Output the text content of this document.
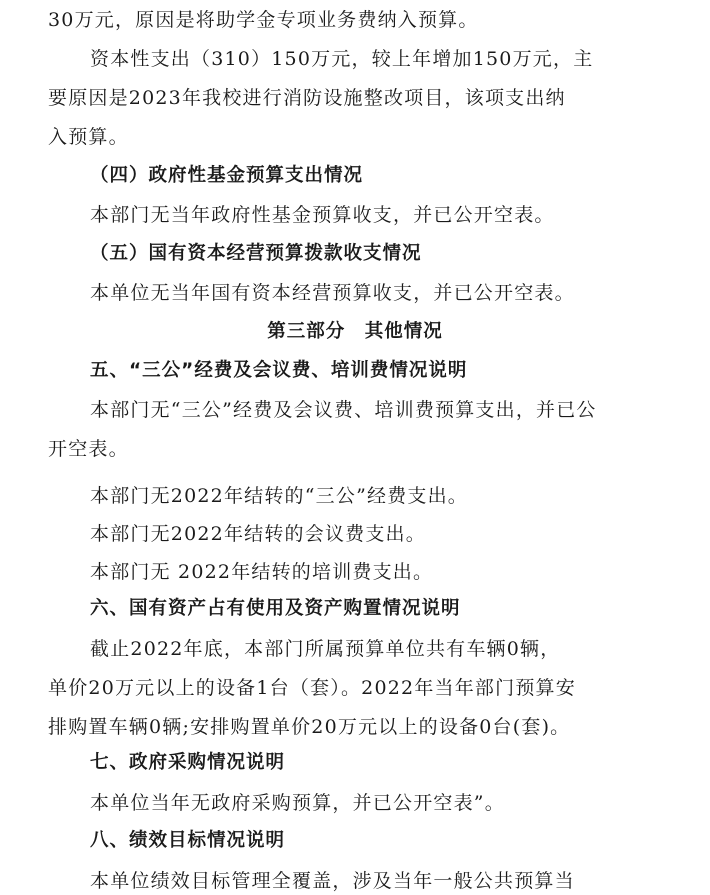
30万元，原因是将助学金专项业务费纳入预算。
资本性支出（310）150万元，较上年增加150万元，主
要原因是2023年我校进行消防设施整改项目，该项支出纳
入预算。
（四）政府性基金预算支出情况
本部门无当年政府性基金预算收支，并已公开空表。
（五）国有资本经营预算拨款收支情况
本单位无当年国有资本经营预算收支，并已公开空表。
第三部分　其他情况
五、“三公”经费及会议费、培训费情况说明
本部门无“三公”经费及会议费、培训费预算支出，并已公
开空表。
本部门无2022年结转的“三公”经费支出。
本部门无2022年结转的会议费支出。
本部门无 2022年结转的培训费支出。
六、国有资产占有使用及资产购置情况说明
截止2022年底，本部门所属预算单位共有车辆0辆，
单价20万元以上的设备1台（套）。2022年当年部门预算安
排购置车辆0辆;安排购置单价20万元以上的设备0台(套)。
七、政府采购情况说明
本单位当年无政府采购预算，并已公开空表”。
八、绩效目标情况说明
本单位绩效目标管理全覆盖，涉及当年一般公共预算当
